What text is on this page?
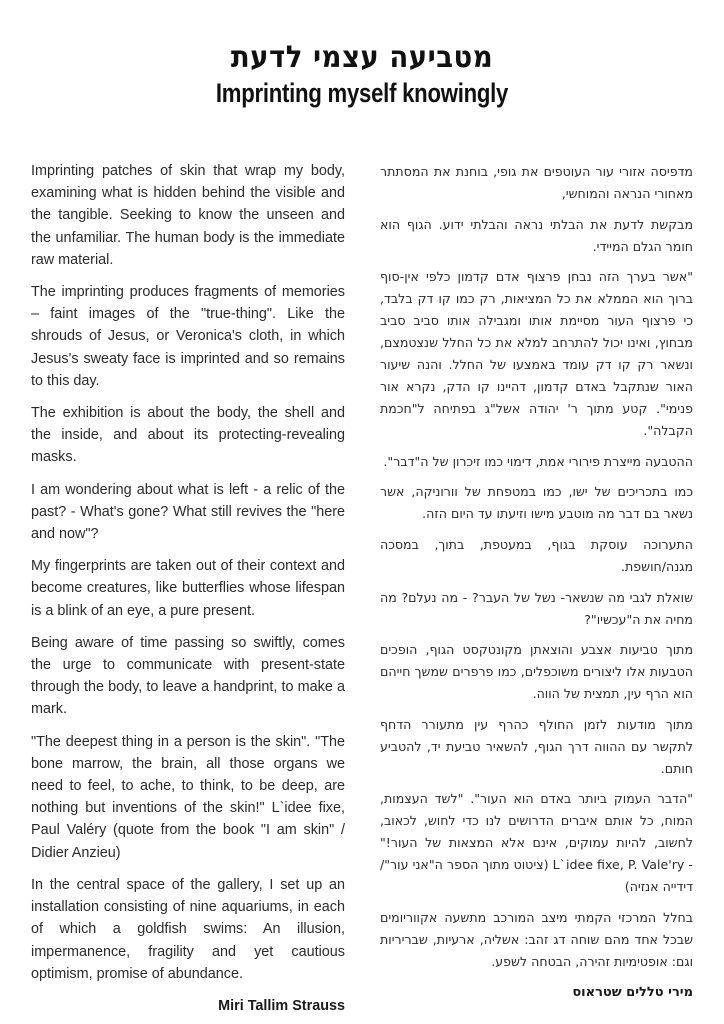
מטביעה עצמי לדעת
Imprinting myself knowingly

Imprinting patches of skin that wrap my body, examining what is hidden behind the visible and the tangible. Seeking to know the unseen and the unfamiliar. The human body is the immediate raw material.

The imprinting produces fragments of memories – faint images of the "true-thing". Like the shrouds of Jesus, or Veronica's cloth, in which Jesus's sweaty face is imprinted and so remains to this day.

The exhibition is about the body, the shell and the inside, and about its protecting-revealing masks.

I am wondering about what is left - a relic of the past? - What's gone? What still revives the "here and now"?

My fingerprints are taken out of their context and become creatures, like butterflies whose lifespan is a blink of an eye, a pure present.

Being aware of time passing so swiftly, comes the urge to communicate with present-state through the body, to leave a handprint, to make a mark.

"The deepest thing in a person is the skin". "The bone marrow, the brain, all those organs we need to feel, to ache, to think, to be deep, are nothing but inventions of the skin!" L`idee fixe, Paul Valéry (quote from the book "I am skin" / Didier Anzieu)

In the central space of the gallery, I set up an installation consisting of nine aquariums, in each of which a goldfish swims: An illusion, impermanence, fragility and yet cautious optimism, promise of abundance.

Miri Tallim Strauss

מדפיסה אזורי עור העוטפים את גופי, בוחנת את המסתתר מאחורי הנראה והמוחשי,

מבקשת לדעת את הבלתי נראה והבלתי ידוע. הגוף הוא חומר הגלם המיידי.

"אשר בערך הזה נבחן פרצוף אדם קדמון כלפי אין-סוף ברוך הוא הממלא את כל המציאות, רק כמו קו דק בלבד, כי פרצוף העור מסיימת אותו ומגבילה אותו סביב סביב מבחוץ, ואינו יכול להתרחב למלא את כל החלל שנצטמצם, ונשאר רק קו דק עומד באמצעו של החלל. והנה שיעור האור שנתקבל באדם קדמון, דהיינו קו הדק, נקרא אור פנימי". קטע מתוך ר' יהודה אשל"ג בפתיחה ל"חכמת הקבלה".

ההטבעה מייצרת פירורי אמת, דימוי כמו זיכרון של ה"דבר".

כמו בתכריכים של ישו, כמו במטפחת של וורוניקה, אשר נשאר בם דבר מה מוטבע מישו וזיעתו עד היום הזה.

התערוכה עוסקת בגוף, במעטפת, בתוך, במסכה מגנה/חושפת.

שואלת לגבי מה שנשאר- נשל של העבר? - מה נעלם? מה מחיה את ה"עכשיו"?

מתוך טביעות אצבע והוצאתן מקונטקסט הגוף, הופכים הטבעות אלו ליצורים משוכפלים, כמו פרפרים שמשך חייהם הוא הרף עין, תמצית של הווה.

מתוך מודעות לזמן החולף כהרף עין מתעורר הדחף לתקשר עם ההווה דרך הגוף, להשאיר טביעת יד, להטביע חותם.

"הדבר העמוק ביותר באדם הוא העור". "לשד העצמות, המוח, כל אותם איברים הדרושים לנו כדי לחוש, לכאוב, לחשוב, להיות עמוקים, אינם אלא המצאות של העור!" ‪L`idee fixe, P. Vale'ry -‬ (ציטוט מתוך הספר ה"אני עור"/ דידייה אנזיה)

בחלל המרכזי הקמתי מיצב המורכב מתשעה אקווריומים שבכל אחד מהם שוחה דג זהב: אשליה, ארעיות, שבריריות וגם: אופטימיות זהירה, הבטחה לשפע.

מירי טללים שטראוס
